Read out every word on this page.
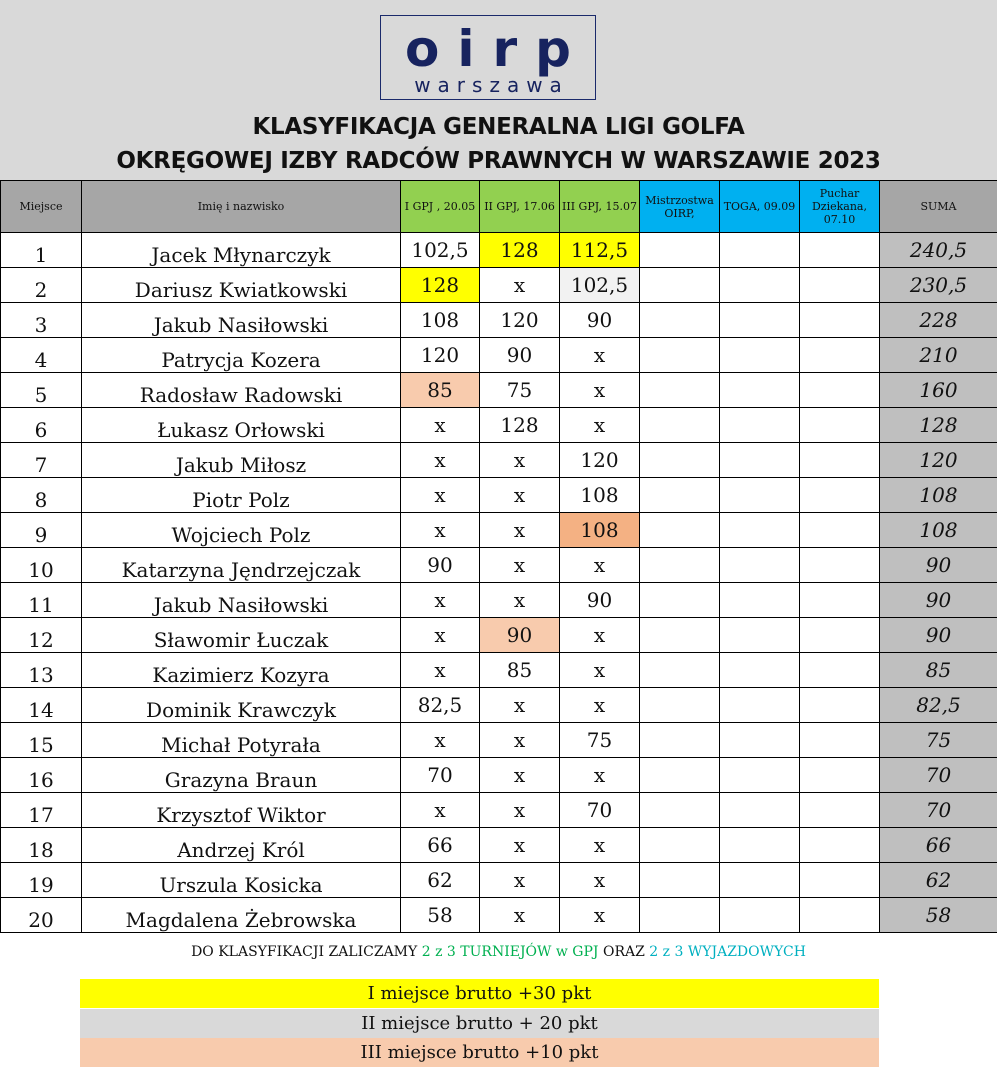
oirp
warszawa
KLASYFIKACJA GENERALNA LIGI GOLFA
OKRĘGOWEJ IZBY RADCÓW PRAWNYCH W WARSZAWIE 2023
Miejsce	Imię i nazwisko	I GPJ , 20.05	II GPJ, 17.06	III GPJ, 15.07	Mistrzostwa OIRP,	TOGA, 09.09	Puchar Dziekana, 07.10	SUMA
1	Jacek Młynarczyk	102,5	128	112,5				240,5
2	Dariusz Kwiatkowski	128	x	102,5				230,5
3	Jakub Nasiłowski	108	120	90				228
4	Patrycja Kozera	120	90	x				210
5	Radosław Radowski	85	75	x				160
6	Łukasz Orłowski	x	128	x				128
7	Jakub Miłosz	x	x	120				120
8	Piotr Polz	x	x	108				108
9	Wojciech Polz	x	x	108				108
10	Katarzyna Jęndrzejczak	90	x	x				90
11	Jakub Nasiłowski	x	x	90				90
12	Sławomir Łuczak	x	90	x				90
13	Kazimierz Kozyra	x	85	x				85
14	Dominik Krawczyk	82,5	x	x				82,5
15	Michał Potyrała	x	x	75				75
16	Grazyna Braun	70	x	x				70
17	Krzysztof Wiktor	x	x	70				70
18	Andrzej Król	66	x	x				66
19	Urszula Kosicka	62	x	x				62
20	Magdalena Żebrowska	58	x	x				58
DO KLASYFIKACJI ZALICZAMY 2 z 3 TURNIEJÓW w GPJ ORAZ 2 z 3 WYJAZDOWYCH
I miejsce brutto +30 pkt
II miejsce brutto + 20 pkt
III miejsce brutto +10 pkt
